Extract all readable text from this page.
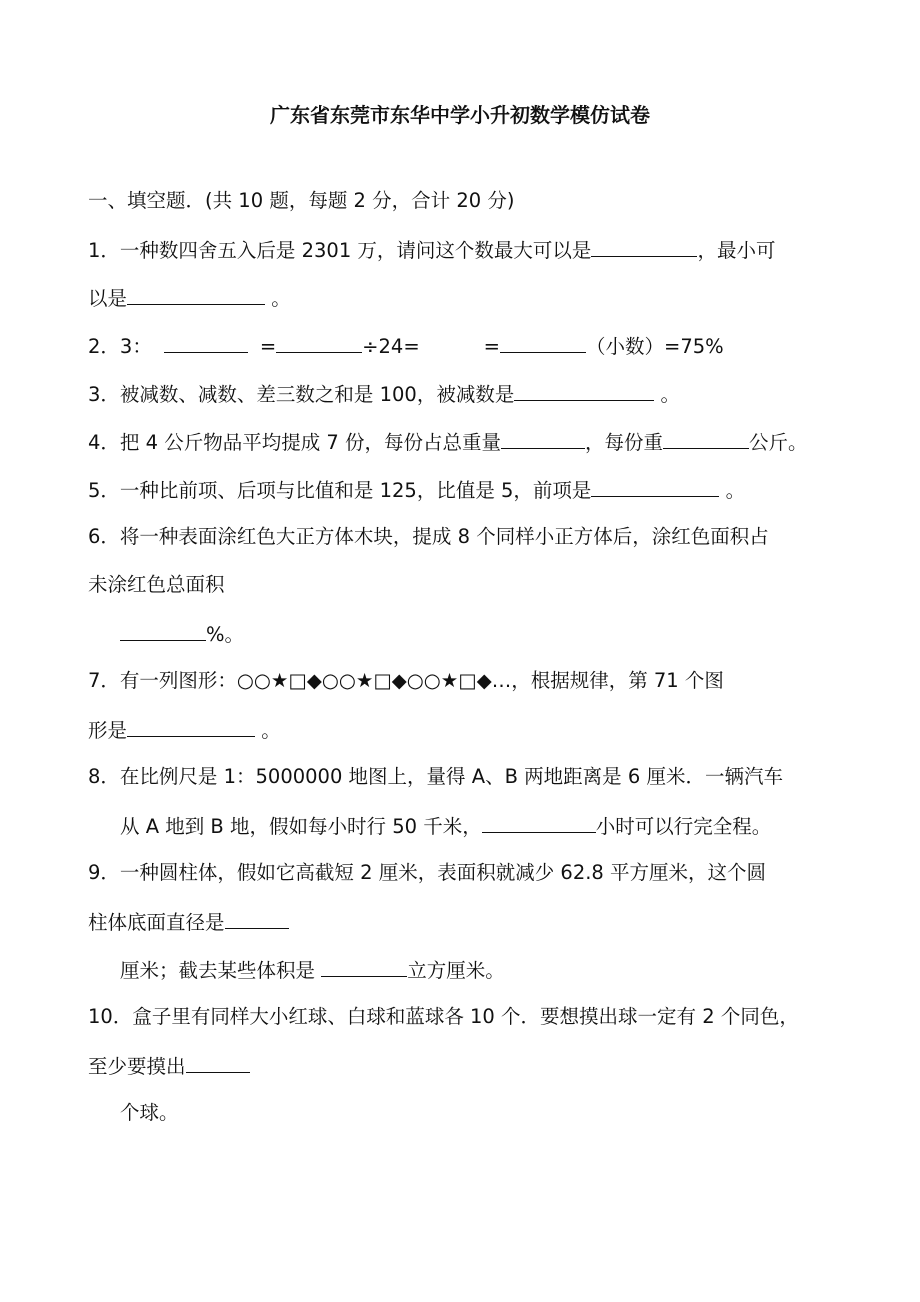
广东省东莞市东华中学小升初数学模仿试卷
一、填空题．(共 10 题，每题 2 分，合计 20 分)
1．一种数四舍五入后是 2301 万，请问这个数最大可以是	，最小可
以是	。
2．3：	=	÷24=	=	（小数）=75%
3．被减数、减数、差三数之和是 100，被减数是	。
4．把 4 公斤物品平均提成 7 份，每份占总重量	，每份重	公斤。
5．一种比前项、后项与比值和是 125，比值是 5，前项是	。
6．将一种表面涂红色大正方体木块，提成 8 个同样小正方体后，涂红色面积占
未涂红色总面积
%。
7．有一列图形：○○★□◆○○★□◆○○★□◆…，根据规律，第 71 个图
形是	。
8．在比例尺是 1：5000000 地图上，量得 A、B 两地距离是 6 厘米．一辆汽车
从 A 地到 B 地，假如每小时行 50 千米，	小时可以行完全程。
9．一种圆柱体，假如它高截短 2 厘米，表面积就减少 62.8 平方厘米，这个圆
柱体底面直径是
厘米；截去某些体积是	立方厘米。
10．盒子里有同样大小红球、白球和蓝球各 10 个．要想摸出球一定有 2 个同色，
至少要摸出
个球。
